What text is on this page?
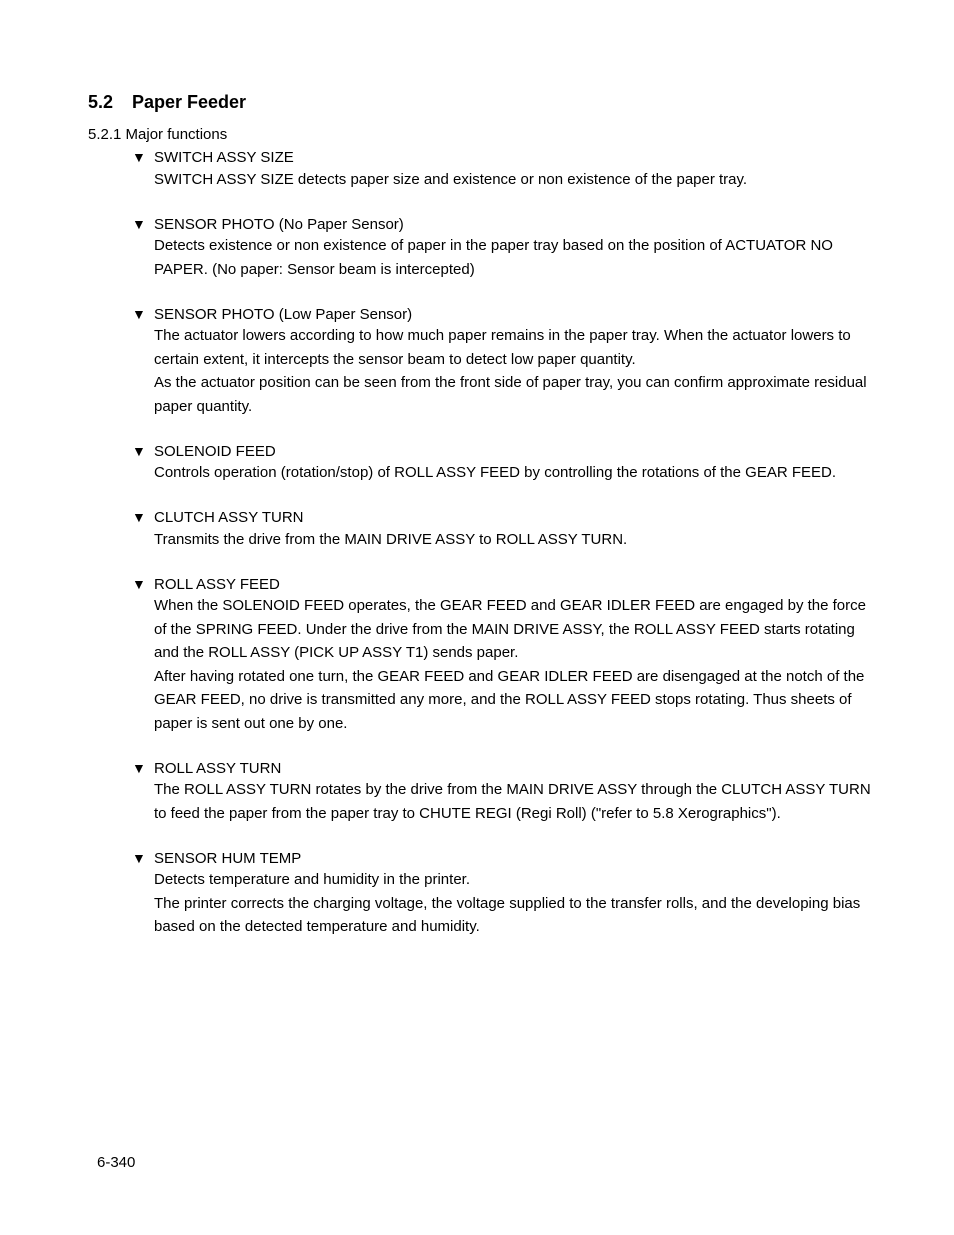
5.2 Paper Feeder
5.2.1 Major functions
▼ SWITCH ASSY SIZE

SWITCH ASSY SIZE detects paper size and existence or non existence of the paper tray.

▼ SENSOR PHOTO (No Paper Sensor)

Detects existence or non existence of paper in the paper tray based on the position of ACTUATOR NO PAPER. (No paper: Sensor beam is intercepted)

▼ SENSOR PHOTO (Low Paper Sensor)

The actuator lowers according to how much paper remains in the paper tray. When the actuator lowers to certain extent, it intercepts the sensor beam to detect low paper quantity.

As the actuator position can be seen from the front side of paper tray, you can confirm approximate residual paper quantity.

▼ SOLENOID FEED

Controls operation (rotation/stop) of ROLL ASSY FEED by controlling the rotations of the GEAR FEED.

▼ CLUTCH ASSY TURN

Transmits the drive from the MAIN DRIVE ASSY to ROLL ASSY TURN.

▼ ROLL ASSY FEED

When the SOLENOID FEED operates, the GEAR FEED and GEAR IDLER FEED are engaged by the force of the SPRING FEED. Under the drive from the MAIN DRIVE ASSY, the ROLL ASSY FEED starts rotating and the ROLL ASSY (PICK UP ASSY T1) sends paper.

After having rotated one turn, the GEAR FEED and GEAR IDLER FEED are disengaged at the notch of the GEAR FEED, no drive is transmitted any more, and the ROLL ASSY FEED stops rotating. Thus sheets of paper is sent out one by one.

▼ ROLL ASSY TURN

The ROLL ASSY TURN rotates by the drive from the MAIN DRIVE ASSY through the CLUTCH ASSY TURN to feed the paper from the paper tray to CHUTE REGI (Regi Roll) ("refer to 5.8 Xerographics").

▼ SENSOR HUM TEMP

Detects temperature and humidity in the printer.

The printer corrects the charging voltage, the voltage supplied to the transfer rolls, and the developing bias based on the detected temperature and humidity.

6-340
